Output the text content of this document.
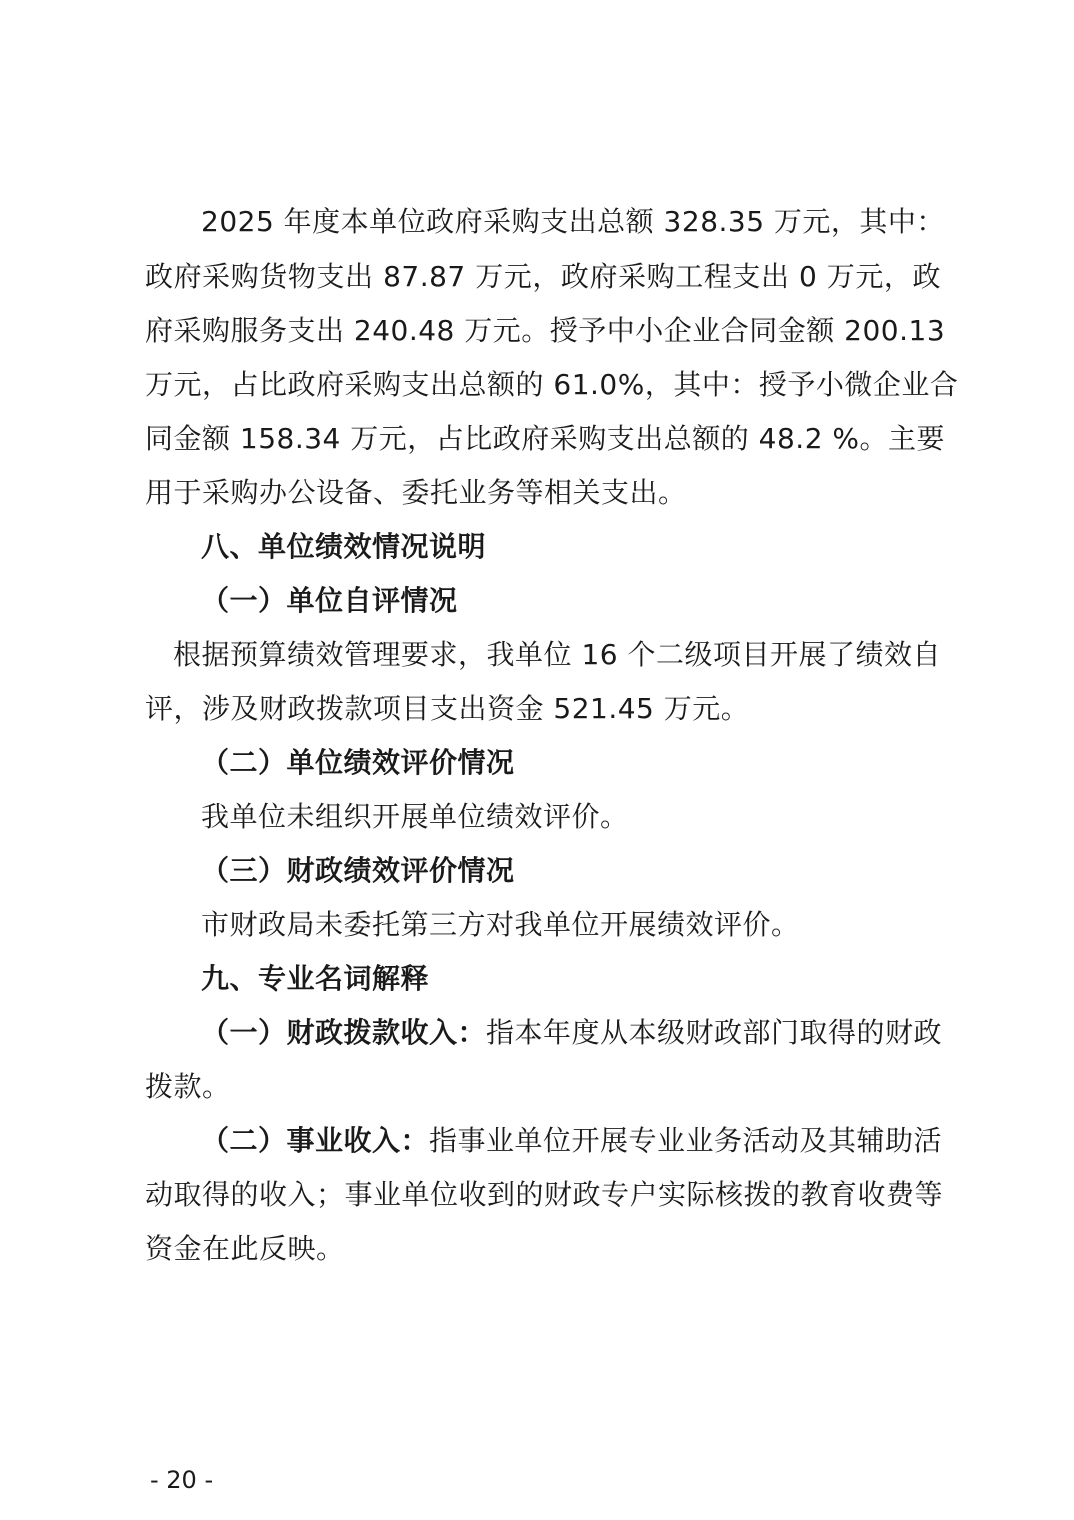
2025 年度本单位政府采购支出总额 328.35 万元，其中：
政府采购货物支出 87.87 万元，政府采购工程支出 0 万元，政
府采购服务支出 240.48 万元。授予中小企业合同金额 200.13
万元，占比政府采购支出总额的 61.0%，其中：授予小微企业合
同金额 158.34 万元，占比政府采购支出总额的 48.2 %。主要
用于采购办公设备、委托业务等相关支出。
八、单位绩效情况说明
（一）单位自评情况
根据预算绩效管理要求，我单位 16 个二级项目开展了绩效自
评，涉及财政拨款项目支出资金 521.45 万元。
（二）单位绩效评价情况
我单位未组织开展单位绩效评价。
（三）财政绩效评价情况
市财政局未委托第三方对我单位开展绩效评价。
九、专业名词解释
（一）财政拨款收入：指本年度从本级财政部门取得的财政
拨款。
（二）事业收入：指事业单位开展专业业务活动及其辅助活
动取得的收入；事业单位收到的财政专户实际核拨的教育收费等
资金在此反映。
- 20 -
